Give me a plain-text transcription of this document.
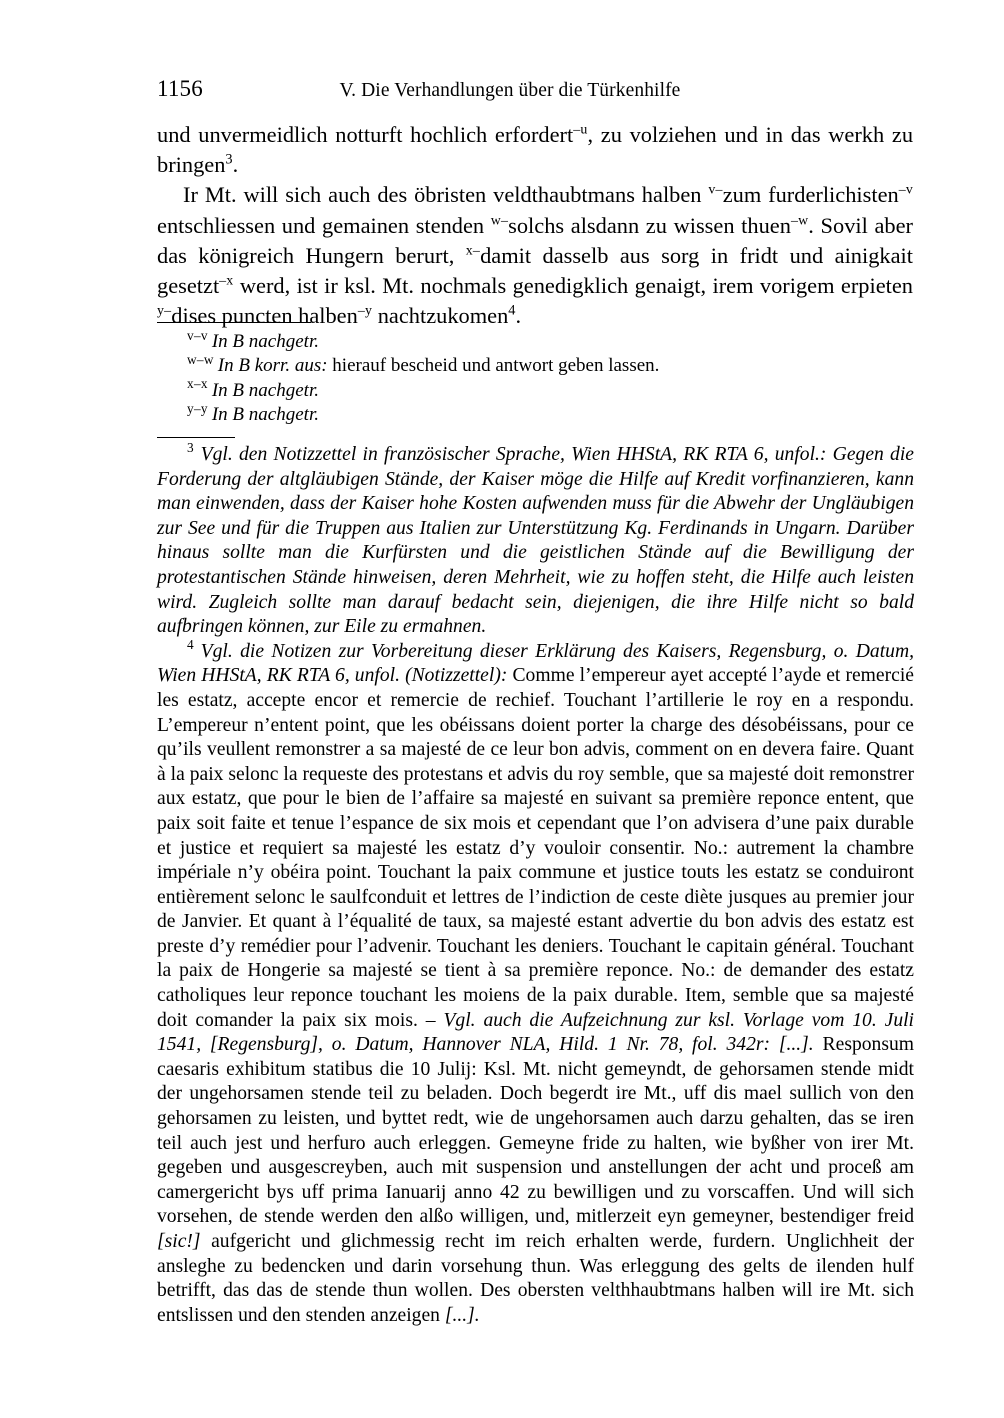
1156	V. Die Verhandlungen über die Türkenhilfe

und unvermeidlich notturft hochlich erfordert$^{-u}$, zu volziehen und in das werkh zu bringen$^3$.

Ir Mt. will sich auch des öbristen veldthaubtmans halben $^{v-}$zum furderlichisten$^{-v}$ entschliessen und gemainen stenden $^{w-}$solchs alsdann zu wissen thuen$^{-w}$. Sovil aber das königreich Hungern berurt, $^{x-}$damit dasselb aus sorg in fridt und ainigkait gesetzt$^{-x}$ werd, ist ir ksl. Mt. nochmals genedigklich genaigt, irem vorigem erpieten $^{y-}$dises puncten halben$^{-y}$ nachtzukomen$^4$.

$^{v-v}$ In B nachgetr.
$^{w-w}$ In B korr. aus: hierauf bescheid und antwort geben lassen.
$^{x-x}$ In B nachgetr.
$^{y-y}$ In B nachgetr.

$^3$ Vgl. den Notizzettel in französischer Sprache, Wien HHStA, RK RTA 6, unfol.: Gegen die Forderung der altgläubigen Stände, der Kaiser möge die Hilfe auf Kredit vorfinanzieren, kann man einwenden, dass der Kaiser hohe Kosten aufwenden muss für die Abwehr der Ungläubigen zur See und für die Truppen aus Italien zur Unterstützung Kg. Ferdinands in Ungarn. Darüber hinaus sollte man die Kurfürsten und die geistlichen Stände auf die Bewilligung der protestantischen Stände hinweisen, deren Mehrheit, wie zu hoffen steht, die Hilfe auch leisten wird. Zugleich sollte man darauf bedacht sein, diejenigen, die ihre Hilfe nicht so bald aufbringen können, zur Eile zu ermahnen.

$^4$ Vgl. die Notizen zur Vorbereitung dieser Erklärung des Kaisers, Regensburg, o. Datum, Wien HHStA, RK RTA 6, unfol. (Notizzettel): Comme l’empereur ayet accepté l’ayde et remercié les estatz, accepte encor et remercie de rechief. Touchant l’artillerie le roy en a respondu. L’empereur n’entent point, que les obéissans doient porter la charge des désobéissans, pour ce qu’ils veullent remonstrer a sa majesté de ce leur bon advis, comment on en devera faire. Quant à la paix selonc la requeste des protestans et advis du roy semble, que sa majesté doit remonstrer aux estatz, que pour le bien de l’affaire sa majesté en suivant sa première reponce entent, que paix soit faite et tenue l’espance de six mois et cependant que l’on advisera d’une paix durable et justice et requiert sa majesté les estatz d’y vouloir consentir. No.: autrement la chambre impériale n’y obéira point. Touchant la paix commune et justice touts les estatz se conduiront entièrement selonc le saulfconduit et lettres de l’indiction de ceste diète jusques au premier jour de Janvier. Et quant à l’équalité de taux, sa majesté estant advertie du bon advis des estatz est preste d’y remédier pour l’advenir. Touchant les deniers. Touchant le capitain général. Touchant la paix de Hongerie sa majesté se tient à sa première reponce. No.: de demander des estatz catholiques leur reponce touchant les moiens de la paix durable. Item, semble que sa majesté doit comander la paix six mois. – Vgl. auch die Aufzeichnung zur ksl. Vorlage vom 10. Juli 1541, [Regensburg], o. Datum, Hannover NLA, Hild. 1 Nr. 78, fol. 342r: [...]. Responsum caesaris exhibitum statibus die 10 Julij: Ksl. Mt. nicht gemeyndt, de gehorsamen stende midt der ungehorsamen stende teil zu beladen. Doch begerdt ire Mt., uff dis mael sullich von den gehorsamen zu leisten, und byttet redt, wie de ungehorsamen auch darzu gehalten, das se iren teil auch jest und herfuro auch erleggen. Gemeyne fride zu halten, wie byßher von irer Mt. gegeben und ausgescreyben, auch mit suspension und anstellungen der acht und proceß am camergericht bys uff prima Ianuarij anno 42 zu bewilligen und zu vorscaffen. Und will sich vorsehen, de stende werden den alßo willigen, und, mitlerzeit eyn gemeyner, bestendiger freid [sic!] aufgericht und glichmessig recht im reich erhalten werde, furdern. Unglichheit der ansleghe zu bedencken und darin vorsehung thun. Was erleggung des gelts de ilenden hulf betrifft, das das de stende thun wollen. Des obersten velthhaubtmans halben will ire Mt. sich entslissen und den stenden anzeigen [...].
